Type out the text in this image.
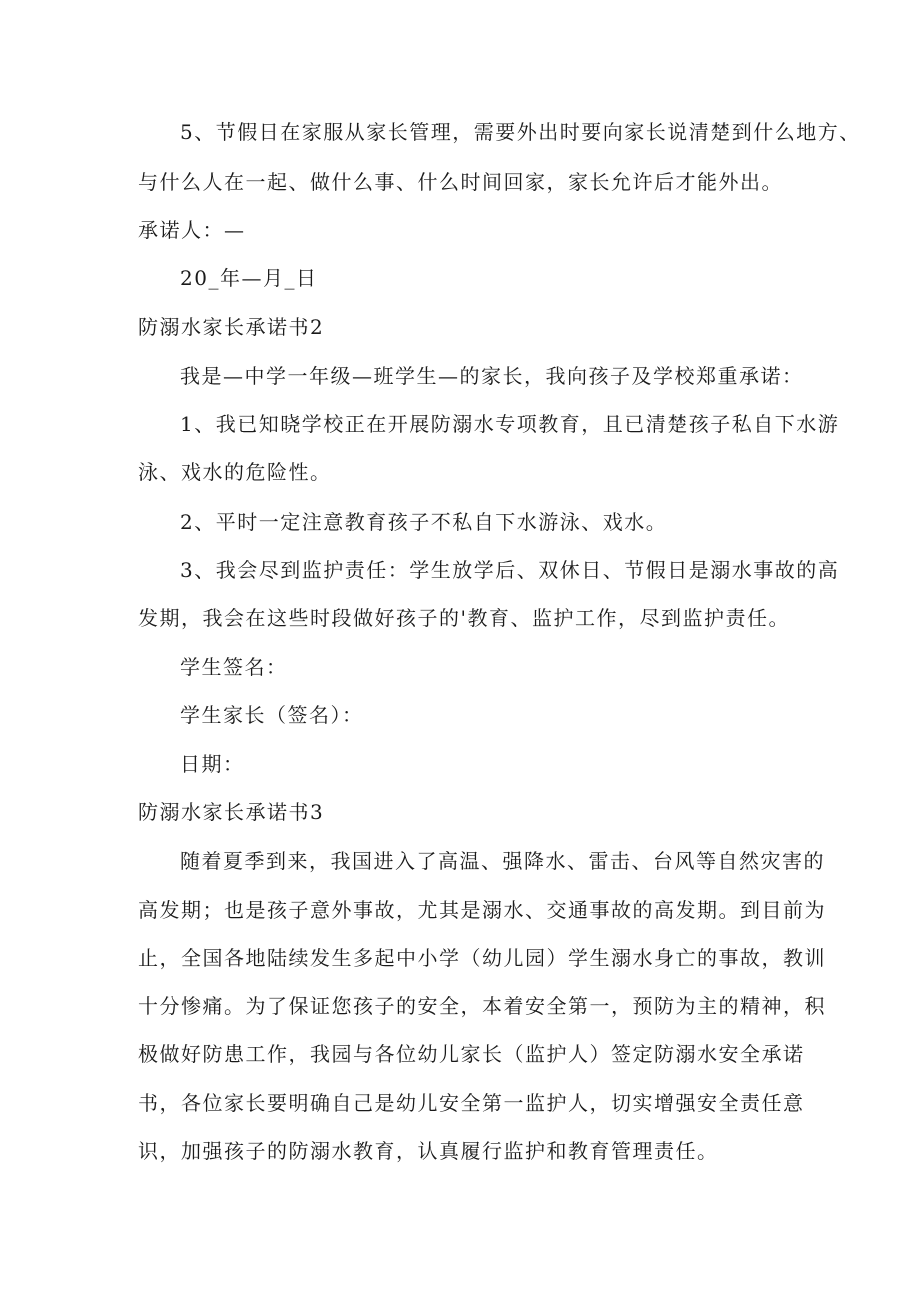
5、节假日在家服从家长管理，需要外出时要向家长说清楚到什么地方、
与什么人在一起、做什么事、什么时间回家，家长允许后才能外出。
承诺人：—
20_年—月_日
防溺水家长承诺书2
我是—中学一年级—班学生—的家长，我向孩子及学校郑重承诺：
1、我已知晓学校正在开展防溺水专项教育，且已清楚孩子私自下水游
泳、戏水的危险性。
2、平时一定注意教育孩子不私自下水游泳、戏水。
3、我会尽到监护责任：学生放学后、双休日、节假日是溺水事故的高
发期，我会在这些时段做好孩子的'教育、监护工作，尽到监护责任。
学生签名：
学生家长（签名）：
日期：
防溺水家长承诺书3
随着夏季到来，我国进入了高温、强降水、雷击、台风等自然灾害的
高发期；也是孩子意外事故，尤其是溺水、交通事故的高发期。到目前为
止，全国各地陆续发生多起中小学（幼儿园）学生溺水身亡的事故，教训
十分惨痛。为了保证您孩子的安全，本着安全第一，预防为主的精神，积
极做好防患工作，我园与各位幼儿家长（监护人）签定防溺水安全承诺
书，各位家长要明确自己是幼儿安全第一监护人，切实增强安全责任意
识，加强孩子的防溺水教育，认真履行监护和教育管理责任。
